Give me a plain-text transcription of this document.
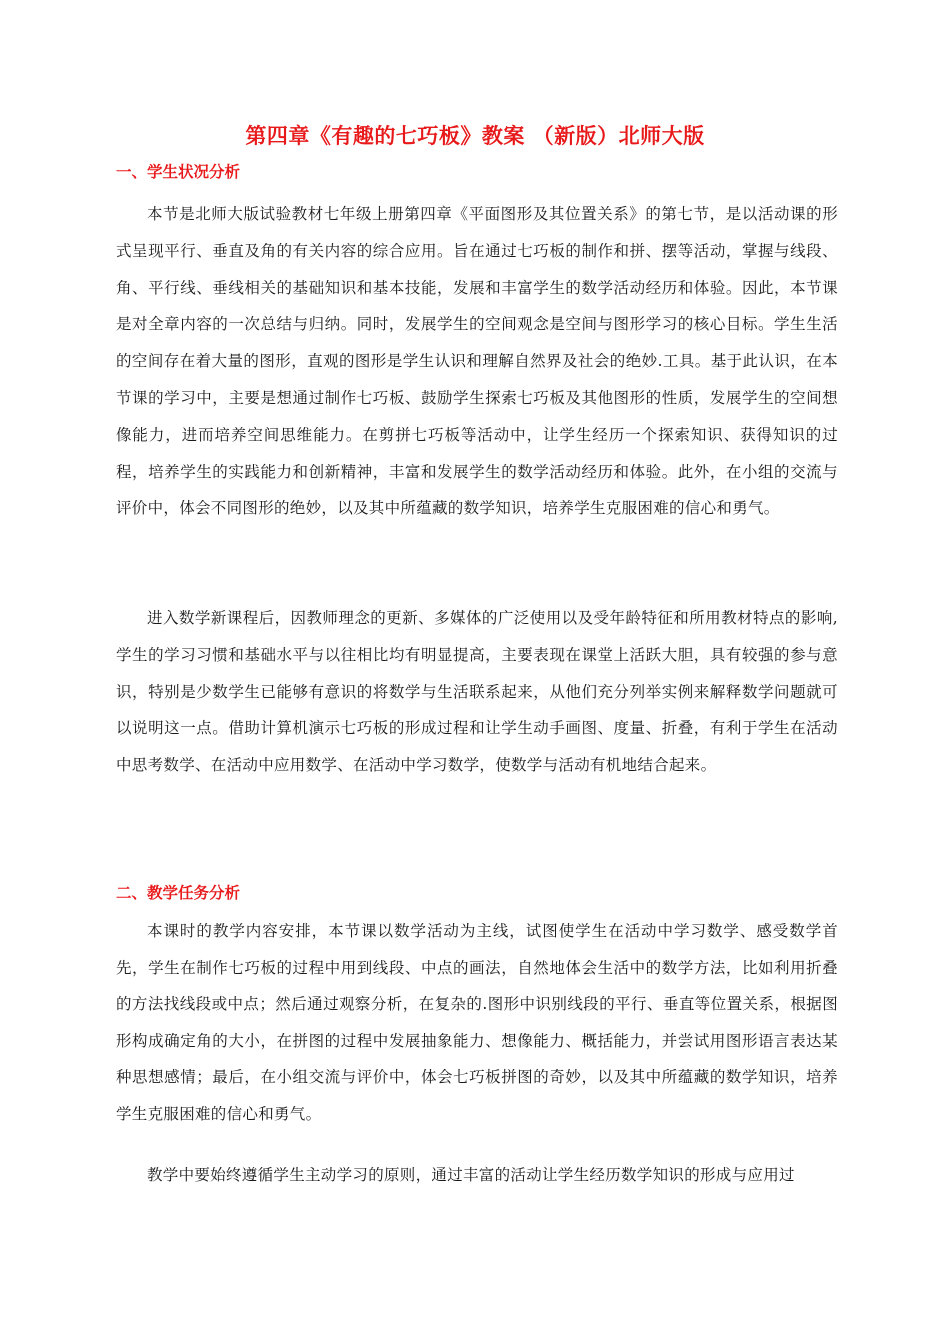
第四章《有趣的七巧板》教案 （新版）北师大版
一、学生状况分析

本节是北师大版试验教材七年级上册第四章《平面图形及其位置关系》的第七节，是以活动课的形式呈现平行、垂直及角的有关内容的综合应用。旨在通过七巧板的制作和拼、摆等活动，掌握与线段、角、平行线、垂线相关的基础知识和基本技能，发展和丰富学生的数学活动经历和体验。因此，本节课是对全章内容的一次总结与归纳。同时，发展学生的空间观念是空间与图形学习的核心目标。学生生活的空间存在着大量的图形，直观的图形是学生认识和理解自然界及社会的绝妙.工具。基于此认识，在本节课的学习中，主要是想通过制作七巧板、鼓励学生探索七巧板及其他图形的性质，发展学生的空间想像能力，进而培养空间思维能力。在剪拼七巧板等活动中，让学生经历一个探索知识、获得知识的过程，培养学生的实践能力和创新精神，丰富和发展学生的数学活动经历和体验。此外，在小组的交流与评价中，体会不同图形的绝妙，以及其中所蕴藏的数学知识，培养学生克服困难的信心和勇气。

进入数学新课程后，因教师理念的更新、多媒体的广泛使用以及受年龄特征和所用教材特点的影响,学生的学习习惯和基础水平与以往相比均有明显提高，主要表现在课堂上活跃大胆，具有较强的参与意识，特别是少数学生已能够有意识的将数学与生活联系起来，从他们充分列举实例来解释数学问题就可以说明这一点。借助计算机演示七巧板的形成过程和让学生动手画图、度量、折叠，有利于学生在活动中思考数学、在活动中应用数学、在活动中学习数学，使数学与活动有机地结合起来。

二、教学任务分析

本课时的教学内容安排，本节课以数学活动为主线，试图使学生在活动中学习数学、感受数学首先，学生在制作七巧板的过程中用到线段、中点的画法，自然地体会生活中的数学方法，比如利用折叠的方法找线段或中点；然后通过观察分析，在复杂的.图形中识别线段的平行、垂直等位置关系，根据图形构成确定角的大小，在拼图的过程中发展抽象能力、想像能力、概括能力，并尝试用图形语言表达某种思想感情；最后，在小组交流与评价中，体会七巧板拼图的奇妙，以及其中所蕴藏的数学知识，培养学生克服困难的信心和勇气。

教学中要始终遵循学生主动学习的原则，通过丰富的活动让学生经历数学知识的形成与应用过
